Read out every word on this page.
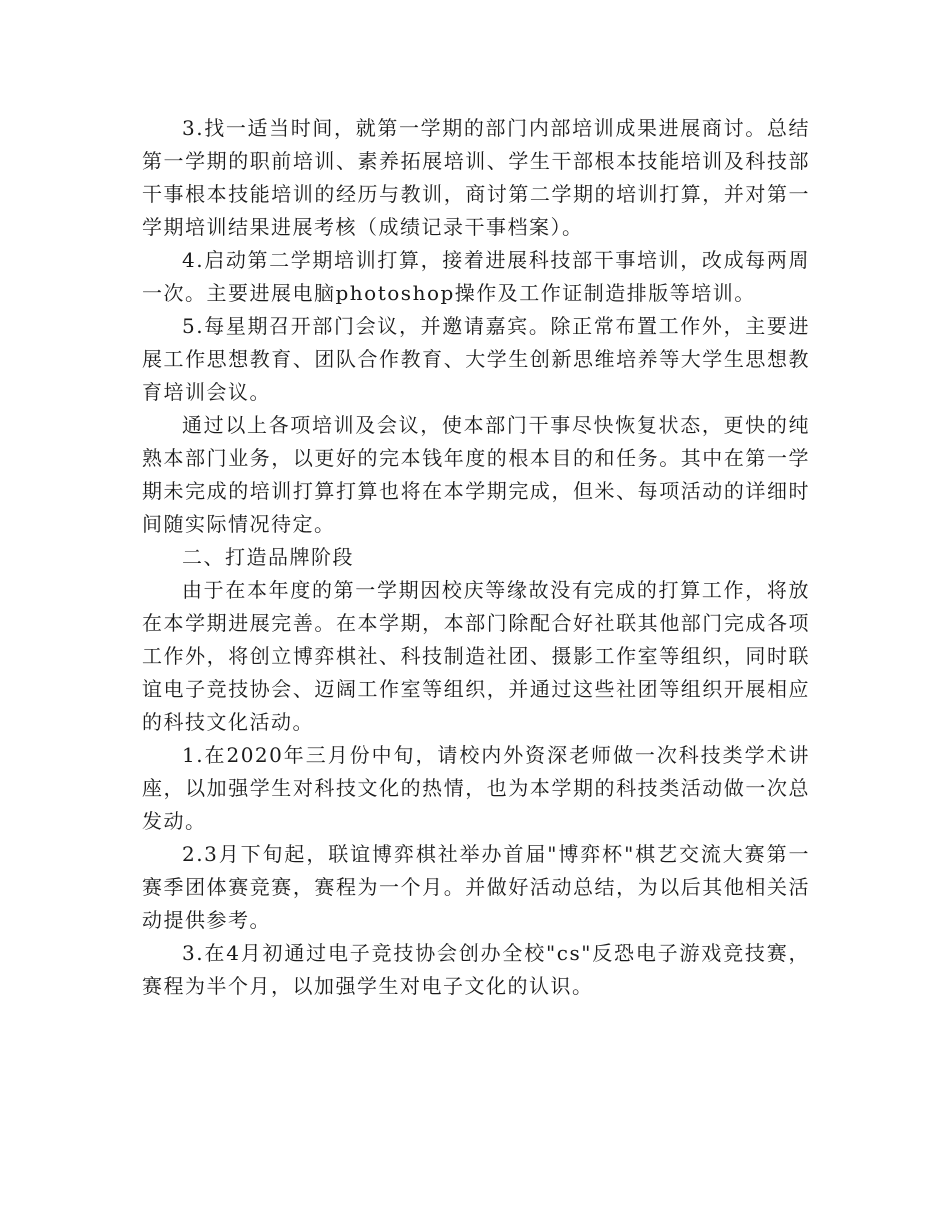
3.找一适当时间，就第一学期的部门内部培训成果进展商讨。总结第一学期的职前培训、素养拓展培训、学生干部根本技能培训及科技部干事根本技能培训的经历与教训，商讨第二学期的培训打算，并对第一学期培训结果进展考核（成绩记录干事档案）。

4.启动第二学期培训打算，接着进展科技部干事培训，改成每两周一次。主要进展电脑photoshop操作及工作证制造排版等培训。

5.每星期召开部门会议，并邀请嘉宾。除正常布置工作外，主要进展工作思想教育、团队合作教育、大学生创新思维培养等大学生思想教育培训会议。

通过以上各项培训及会议，使本部门干事尽快恢复状态，更快的纯熟本部门业务，以更好的完本钱年度的根本目的和任务。其中在第一学期未完成的培训打算打算也将在本学期完成，但米、每项活动的详细时间随实际情况待定。

二、打造品牌阶段

由于在本年度的第一学期因校庆等缘故没有完成的打算工作，将放在本学期进展完善。在本学期，本部门除配合好社联其他部门完成各项工作外，将创立博弈棋社、科技制造社团、摄影工作室等组织，同时联谊电子竞技协会、迈阔工作室等组织，并通过这些社团等组织开展相应的科技文化活动。

1.在2020年三月份中旬，请校内外资深老师做一次科技类学术讲座，以加强学生对科技文化的热情，也为本学期的科技类活动做一次总发动。

2.3月下旬起，联谊博弈棋社举办首届"博弈杯"棋艺交流大赛第一赛季团体赛竞赛，赛程为一个月。并做好活动总结，为以后其他相关活动提供参考。

3.在4月初通过电子竞技协会创办全校"cs"反恐电子游戏竞技赛，赛程为半个月，以加强学生对电子文化的认识。
